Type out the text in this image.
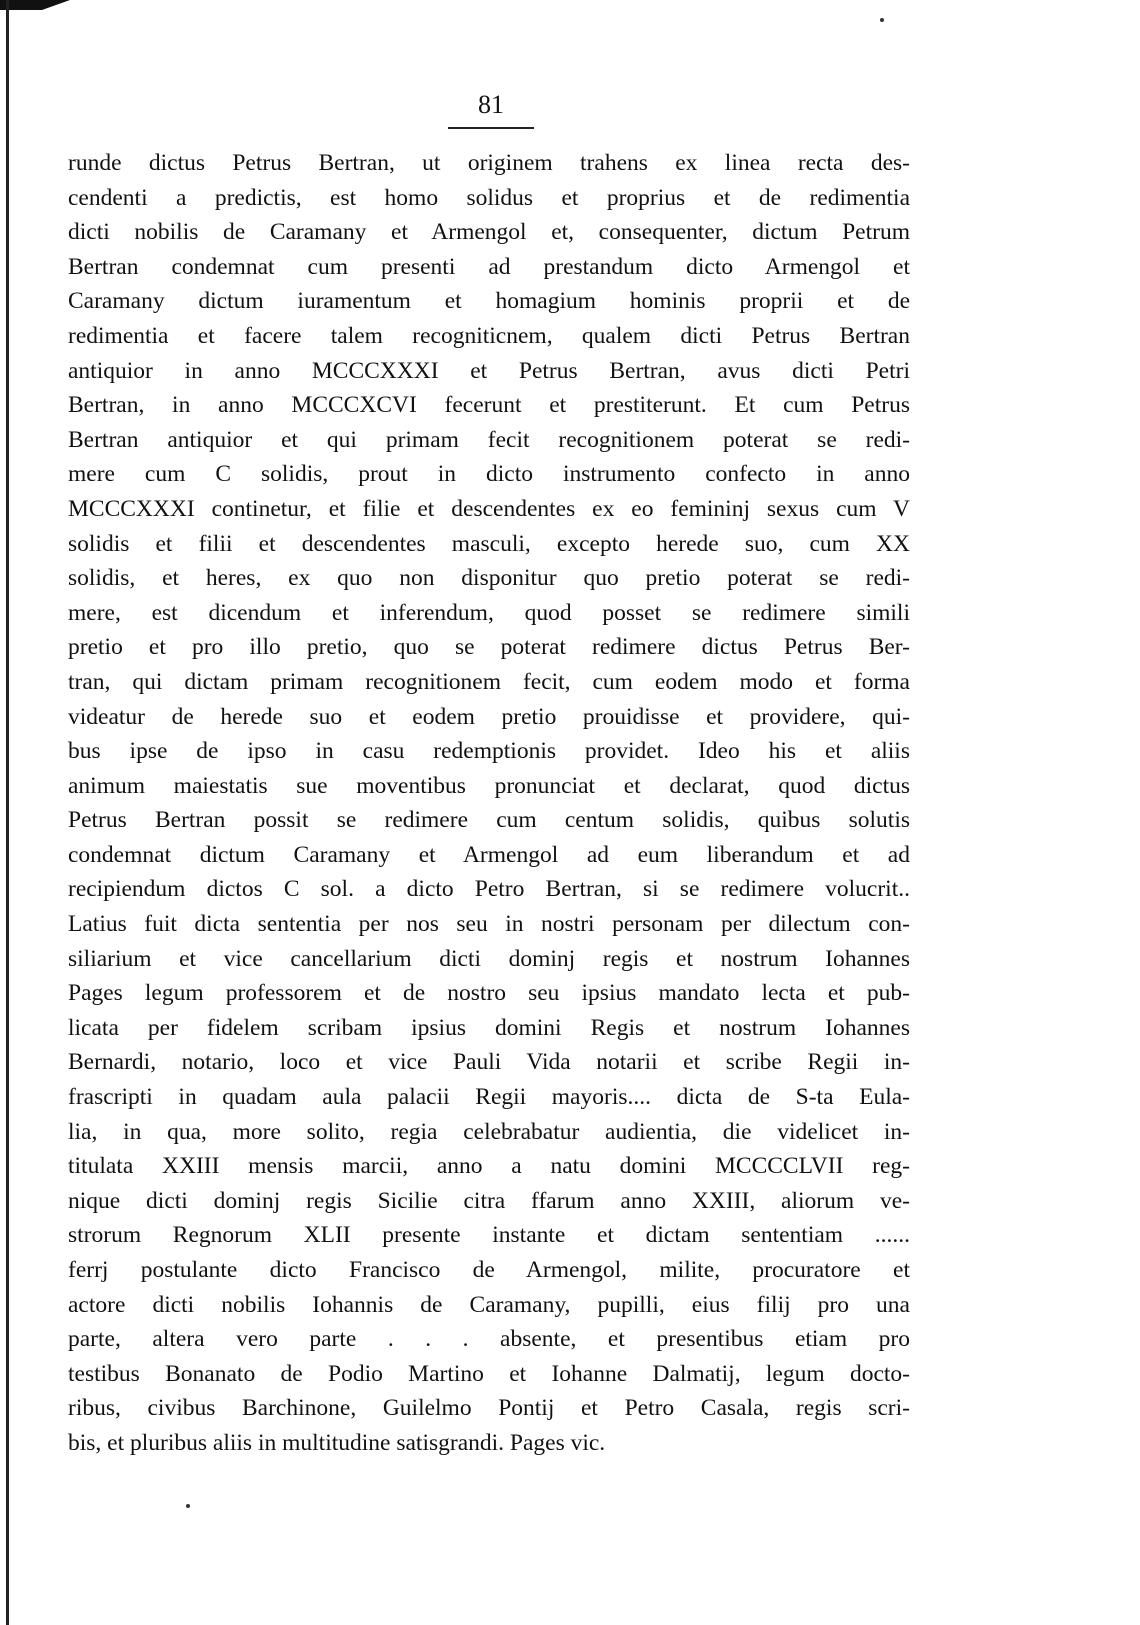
81
runde dictus Petrus Bertran, ut originem trahens ex linea recta des-
cendenti a predictis, est homo solidus et proprius et de redimentia
dicti nobilis de Caramany et Armengol et, consequenter, dictum Petrum
Bertran condemnat cum presenti ad prestandum dicto Armengol et
Caramany dictum iuramentum et homagium hominis proprii et de
redimentia et facere talem recogniticnem, qualem dicti Petrus Bertran
antiquior in anno MCCCXXXI et Petrus Bertran, avus dicti Petri
Bertran, in anno MCCCXCVI fecerunt et prestiterunt. Et cum Petrus
Bertran antiquior et qui primam fecit recognitionem poterat se redi-
mere cum C solidis, prout in dicto instrumento confecto in anno
MCCCXXXI continetur, et filie et descendentes ex eo femininj sexus cum V
solidis et filii et descendentes masculi, excepto herede suo, cum XX
solidis, et heres, ex quo non disponitur quo pretio poterat se redi-
mere, est dicendum et inferendum, quod posset se redimere simili
pretio et pro illo pretio, quo se poterat redimere dictus Petrus Ber-
tran, qui dictam primam recognitionem fecit, cum eodem modo et forma
videatur de herede suo et eodem pretio prouidisse et providere, qui-
bus ipse de ipso in casu redemptionis providet. Ideo his et aliis
animum maiestatis sue moventibus pronunciat et declarat, quod dictus
Petrus Bertran possit se redimere cum centum solidis, quibus solutis
condemnat dictum Caramany et Armengol ad eum liberandum et ad
recipiendum dictos C sol. a dicto Petro Bertran, si se redimere volucrit..
Latius fuit dicta sententia per nos seu in nostri personam per dilectum con-
siliarium et vice cancellarium dicti dominj regis et nostrum Iohannes
Pages legum professorem et de nostro seu ipsius mandato lecta et pub-
licata per fidelem scribam ipsius domini Regis et nostrum Iohannes
Bernardi, notario, loco et vice Pauli Vida notarii et scribe Regii in-
frascripti in quadam aula palacii Regii mayoris.... dicta de S-ta Eula-
lia, in qua, more solito, regia celebrabatur audientia, die videlicet in-
titulata XXIII mensis marcii, anno a natu domini MCCCCLVII reg-
nique dicti dominj regis Sicilie citra ffarum anno XXIII, aliorum ve-
strorum Regnorum XLII presente instante et dictam sententiam ......
ferrj postulante dicto Francisco de Armengol, milite, procuratore et
actore dicti nobilis Iohannis de Caramany, pupilli, eius filij pro una
parte, altera vero parte . . . absente, et presentibus etiam pro
testibus Bonanato de Podio Martino et Iohanne Dalmatij, legum docto-
ribus, civibus Barchinone, Guilelmo Pontij et Petro Casala, regis scri-
bis, et pluribus aliis in multitudine satisgrandi. Pages vic.
